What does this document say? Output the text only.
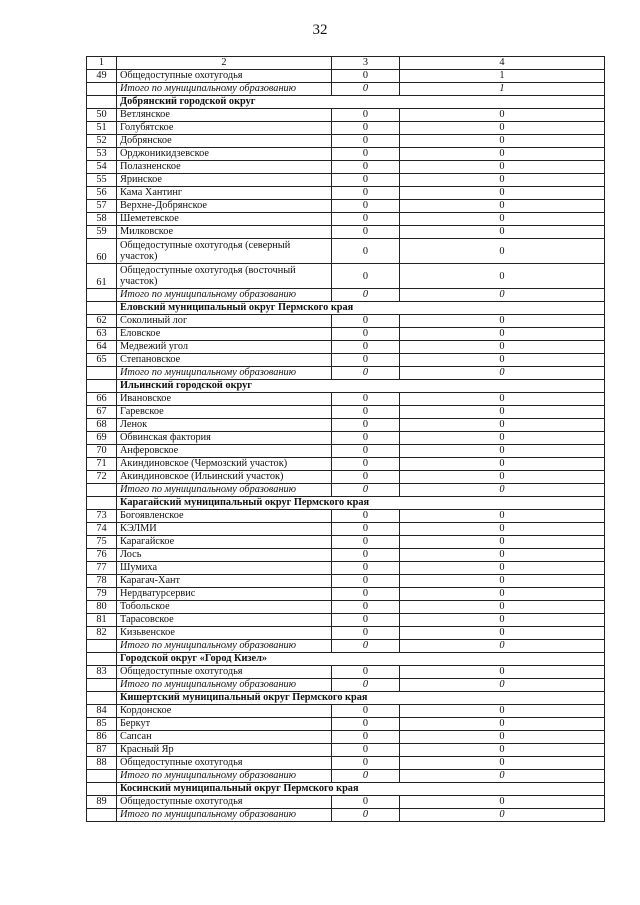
32
1	2	3	4
49	Общедоступные охотугодья	0	1
	Итого по муниципальному образованию	0	1
	Добрянский городской округ		
50	Ветлянское	0	0
51	Голубятское	0	0
52	Добрянское	0	0
53	Орджоникидзевское	0	0
54	Полазненское	0	0
55	Яринское	0	0
56	Кама Хантинг	0	0
57	Верхне-Добрянское	0	0
58	Шеметевское	0	0
59	Милковское	0	0
60	Общедоступные охотугодья (северный участок)	0	0
61	Общедоступные охотугодья (восточный участок)	0	0
	Итого по муниципальному образованию	0	0
	Еловский муниципальный округ Пермского края		
62	Соколиный лог	0	0
63	Еловское	0	0
64	Медвежий угол	0	0
65	Степановское	0	0
	Итого по муниципальному образованию	0	0
	Ильинский городской округ		
66	Ивановское	0	0
67	Гаревское	0	0
68	Ленок	0	0
69	Обвинская фактория	0	0
70	Анферовское	0	0
71	Акиндиновское (Чермозский участок)	0	0
72	Акиндиновское (Ильинский участок)	0	0
	Итого по муниципальному образованию	0	0
	Карагайский муниципальный округ Пермского края		
73	Богоявленское	0	0
74	КЭЛМИ	0	0
75	Карагайское	0	0
76	Лось	0	0
77	Шумиха	0	0
78	Карагач-Хант	0	0
79	Нердватурсервис	0	0
80	Тобольское	0	0
81	Тарасовское	0	0
82	Кизьвенское	0	0
	Итого по муниципальному образованию	0	0
	Городской округ «Город Кизел»		
83	Общедоступные охотугодья	0	0
	Итого по муниципальному образованию	0	0
	Кишертский муниципальный округ Пермского края		
84	Кордонское	0	0
85	Беркут	0	0
86	Сапсан	0	0
87	Красный Яр	0	0
88	Общедоступные охотугодья	0	0
	Итого по муниципальному образованию	0	0
	Косинский муниципальный округ Пермского края		
89	Общедоступные охотугодья	0	0
	Итого по муниципальному образованию	0	0
